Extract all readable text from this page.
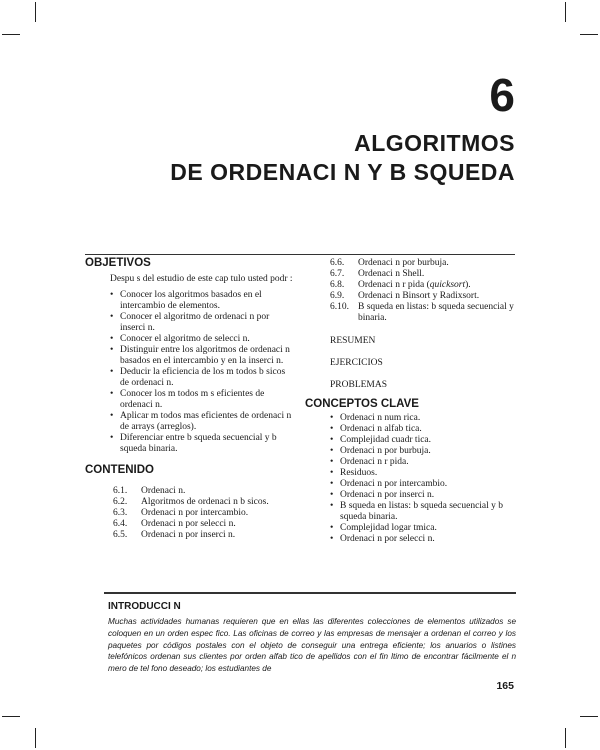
6
ALGORITMOS
DE ORDENACI N Y B SQUEDA

OBJETIVOS

Despu s del estudio de este cap tulo usted podr :
• Conocer los algoritmos basados en el intercambio de elementos.
• Conocer el algoritmo de ordenaci n por inserci n.
• Conocer el algoritmo de selecci n.
• Distinguir entre los algoritmos de ordenaci n basados en el intercambio y en la inserci n.
• Deducir la eficiencia de los m todos b sicos de ordenaci n.
• Conocer los m todos m s eficientes de ordenaci n.
• Aplicar m todos mas eficientes de ordenaci n de arrays (arreglos).
• Diferenciar entre b squeda secuencial y b squeda binaria.

CONTENIDO

6.1.	Ordenaci n.
6.2.	Algoritmos de ordenaci n b sicos.
6.3.	Ordenaci n por intercambio.
6.4.	Ordenaci n por selecci n.
6.5.	Ordenaci n por inserci n.
6.6.	Ordenaci n por burbuja.
6.7.	Ordenaci n Shell.
6.8.	Ordenaci n r pida (quicksort).
6.9.	Ordenaci n Binsort y Radixsort.
6.10. B squeda en listas: b squeda secuencial y binaria.
RESUMEN
EJERCICIOS
PROBLEMAS

CONCEPTOS CLAVE

• Ordenaci n num rica.
• Ordenaci n alfab tica.
• Complejidad cuadr tica.
• Ordenaci n por burbuja.
• Ordenaci n r pida.
• Residuos.
• Ordenaci n por intercambio.
• Ordenaci n por inserci n.
• B squeda en listas: b squeda secuencial y b squeda binaria.
• Complejidad logar tmica.
• Ordenaci n por selecci n.
INTRODUCCI N
Muchas actividades humanas requieren que en ellas las diferentes colecciones de elementos utilizados se coloquen en un orden espec fico. Las oficinas de correo y las empresas de mensajer a ordenan el correo y los paquetes por códigos postales con el objeto de conseguir una entrega eficiente; los anuarios o listines telefónicos ordenan sus clientes por orden alfab tico de apellidos con el fin ltimo de encontrar fácilmente el n mero de tel fono deseado; los estudiantes de
165
